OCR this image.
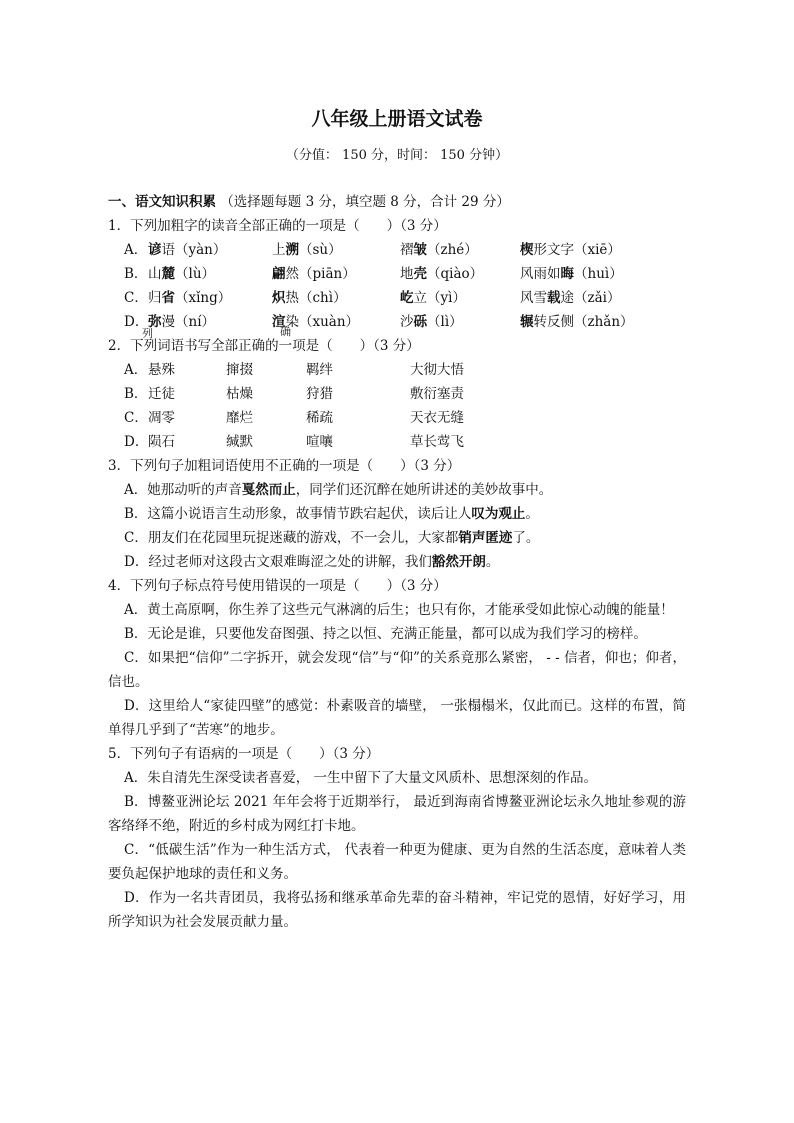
八年级上册语文试卷
（分值： 150 分，时间： 150 分钟）
一、语文知识积累 （选择题每题 3 分，填空题 8 分，合计 29 分）
1．下列加粗字的读音全部正确的一项是（　　）（3 分）
A． 谚语（yàn）	上溯（sù）	褶皱（zhé）	楔形文字（xiē）
B． 山麓（lù）	翩然（piān）	地壳（qiào）	风雨如晦（huì）
C． 归省（xǐng）	炽热（chì）	屹立（yì）	风雪载途（zǎi）
D． 弥漫（ní）	渲染（xuàn）	沙砾（lì）	辗转反侧（zhǎn）
2．下列词语书写全部正确的一项是（　　）（3 分）
列	确
A． 悬殊	撺掇	羁绊	大彻大悟
B． 迁徒	枯燥	狩猎	敷衍塞责
C． 凋零	靡烂	稀疏	天衣无缝
D． 陨石	缄默	喧嚷	草长莺飞
3．下列句子加粗词语使用不正确的一项是（　　）（3 分）
A．她那动听的声音戛然而止，同学们还沉醉在她所讲述的美妙故事中。
B．这篇小说语言生动形象，故事情节跌宕起伏，读后让人叹为观止。
C．朋友们在花园里玩捉迷藏的游戏，不一会儿，大家都销声匿迹了。
D．经过老师对这段古文艰难晦涩之处的讲解，我们豁然开朗。
4．下列句子标点符号使用错误的一项是（　　）（3 分）
A．黄土高原啊，你生养了这些元气淋漓的后生；也只有你，才能承受如此惊心动魄的能量！
B．无论是谁，只要他发奋图强、持之以恒、充满正能量，都可以成为我们学习的榜样。
C．如果把“信仰”二字拆开，就会发现“信”与“仰”的关系竟那么紧密， - - 信者，仰也；仰者，信也。
D．这里给人“家徒四壁”的感觉：朴素吸音的墙壁， 一张榻榻米，仅此而已。这样的布置，简单得几乎到了“苦寒”的地步。
5．下列句子有语病的一项是（　　）（3 分）
A．朱自清先生深受读者喜爱， 一生中留下了大量文风质朴、思想深刻的作品。
B．博鳌亚洲论坛 2021 年年会将于近期举行， 最近到海南省博鳌亚洲论坛永久地址参观的游客络绎不绝，附近的乡村成为网红打卡地。
C．“低碳生活”作为一种生活方式， 代表着一种更为健康、更为自然的生活态度，意味着人类要负起保护地球的责任和义务。
D．作为一名共青团员，我将弘扬和继承革命先辈的奋斗精神，牢记党的恩情，好好学习，用所学知识为社会发展贡献力量。
